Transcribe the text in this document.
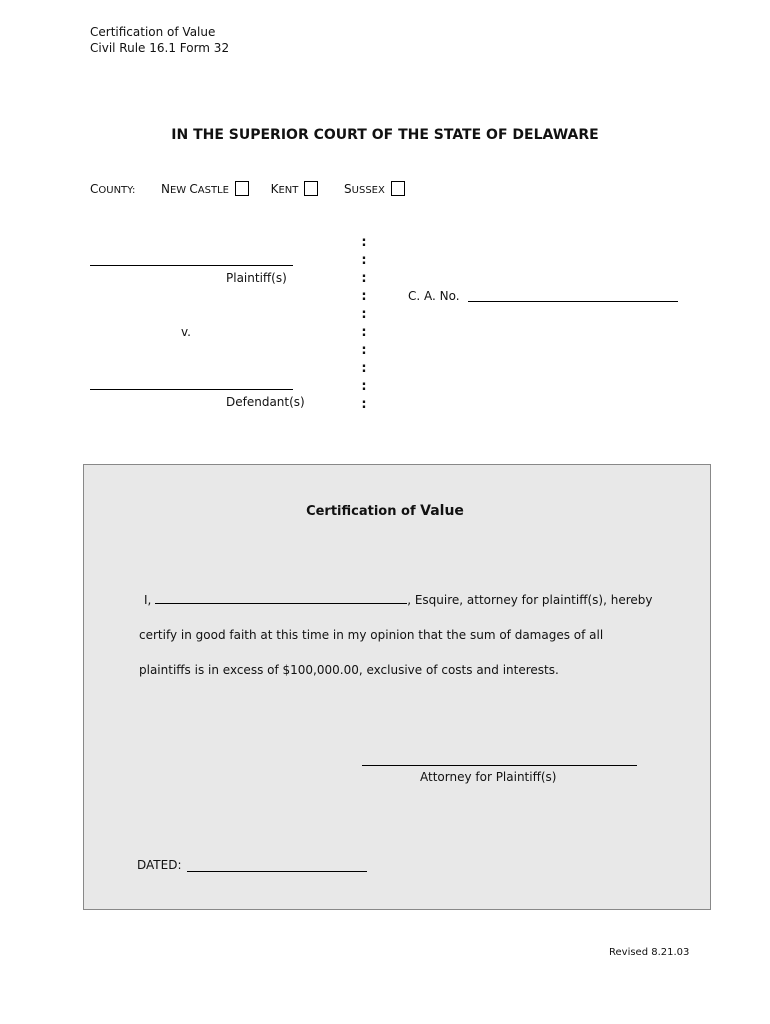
Certification of Value
Civil Rule 16.1 Form 32
IN THE SUPERIOR COURT OF THE STATE OF DELAWARE
COUNTY: NEW CASTLE	KENT	SUSSEX
Plaintiff(s)
v.
Defendant(s)
:
:
:
:
:
:
:
:
:
:
C. A. No.
Certification of Value
I,	, Esquire, attorney for plaintiff(s), hereby
certify in good faith at this time in my opinion that the sum of damages of all
plaintiffs is in excess of $100,000.00, exclusive of costs and interests.
Attorney for Plaintiff(s)
DATED:
Revised 8.21.03
